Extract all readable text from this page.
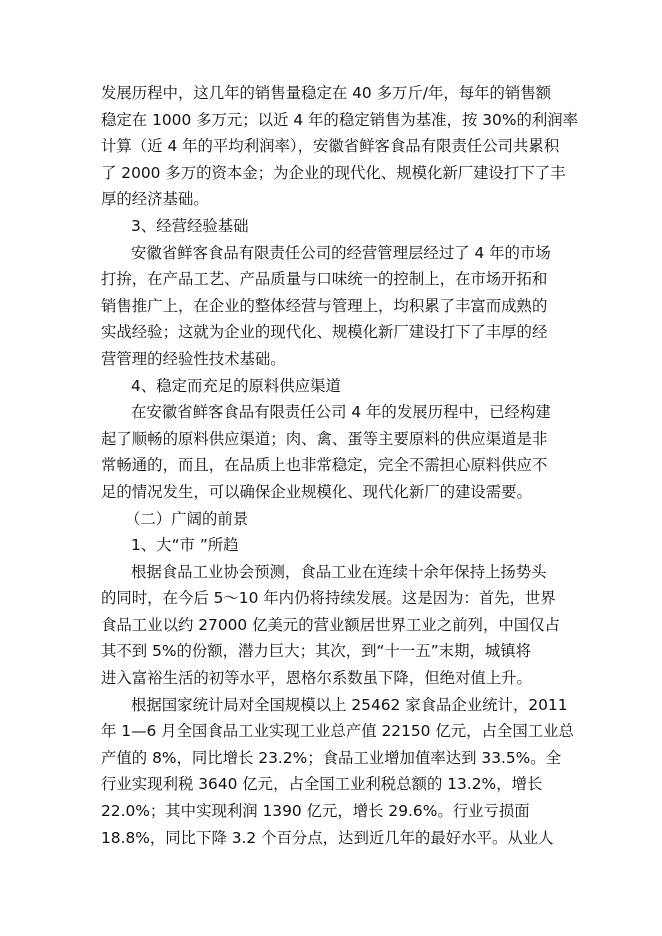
发展历程中，这几年的销售量稳定在 40 多万斤/年，每年的销售额
稳定在 1000 多万元；以近 4 年的稳定销售为基准，按 30%的利润率
计算（近 4 年的平均利润率），安徽省鲜客食品有限责任公司共累积
了 2000 多万的资本金；为企业的现代化、规模化新厂建设打下了丰
厚的经济基础。
3、经营经验基础
安徽省鲜客食品有限责任公司的经营管理层经过了 4 年的市场
打拚，在产品工艺、产品质量与口味统一的控制上，在市场开拓和
销售推广上，在企业的整体经营与管理上，均积累了丰富而成熟的
实战经验；这就为企业的现代化、规模化新厂建设打下了丰厚的经
营管理的经验性技术基础。
4、稳定而充足的原料供应渠道
在安徽省鲜客食品有限责任公司 4 年的发展历程中，已经构建
起了顺畅的原料供应渠道；肉、禽、蛋等主要原料的供应渠道是非
常畅通的，而且，在品质上也非常稳定，完全不需担心原料供应不
足的情况发生，可以确保企业规模化、现代化新厂的建设需要。
（二）广阔的前景
1、大“市 ”所趋
根据食品工业协会预测，食品工业在连续十余年保持上扬势头
的同时，在今后 5～10 年内仍将持续发展。这是因为：首先，世界
食品工业以约 27000 亿美元的营业额居世界工业之前列，中国仅占
其不到 5%的份额，潜力巨大；其次，到“十一五”末期，城镇将
进入富裕生活的初等水平，恩格尔系数虽下降，但绝对值上升。
根据国家统计局对全国规模以上 25462 家食品企业统计，2011
年 1—6 月全国食品工业实现工业总产值 22150 亿元，占全国工业总
产值的 8%，同比增长 23.2%；食品工业增加值率达到 33.5%。全
行业实现利税 3640 亿元，占全国工业利税总额的 13.2%，增长
22.0%；其中实现利润 1390 亿元，增长 29.6%。行业亏损面
18.8%，同比下降 3.2 个百分点，达到近几年的最好水平。从业人
